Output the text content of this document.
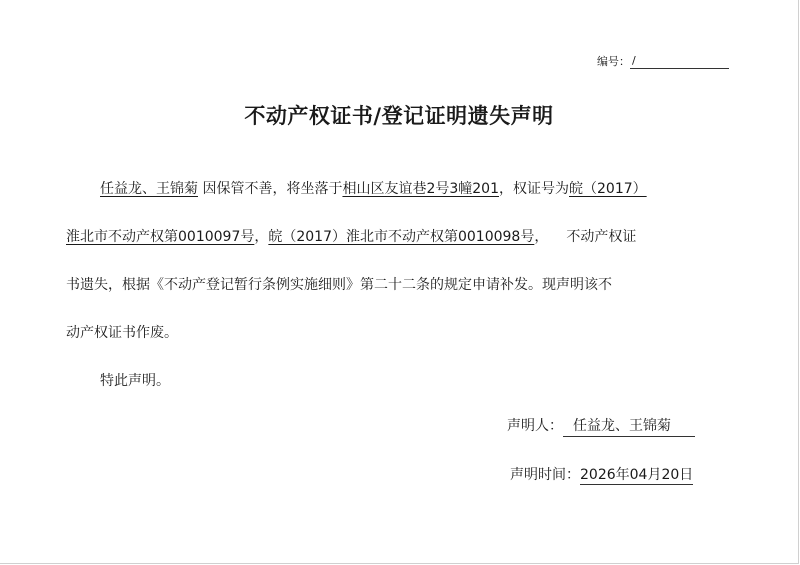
编号： /
不动产权证书/登记证明遗失声明
任益龙、王锦菊 因保管不善，将坐落于相山区友谊巷2号3幢201，权证号为皖（2017）
淮北市不动产权第0010097号，皖（2017）淮北市不动产权第0010098号， 不动产权证
书遗失，根据《不动产登记暂行条例实施细则》第二十二条的规定申请补发。现声明该不
动产权证书作废。
特此声明。
声明人： 任益龙、王锦菊
声明时间：2026年04月20日
